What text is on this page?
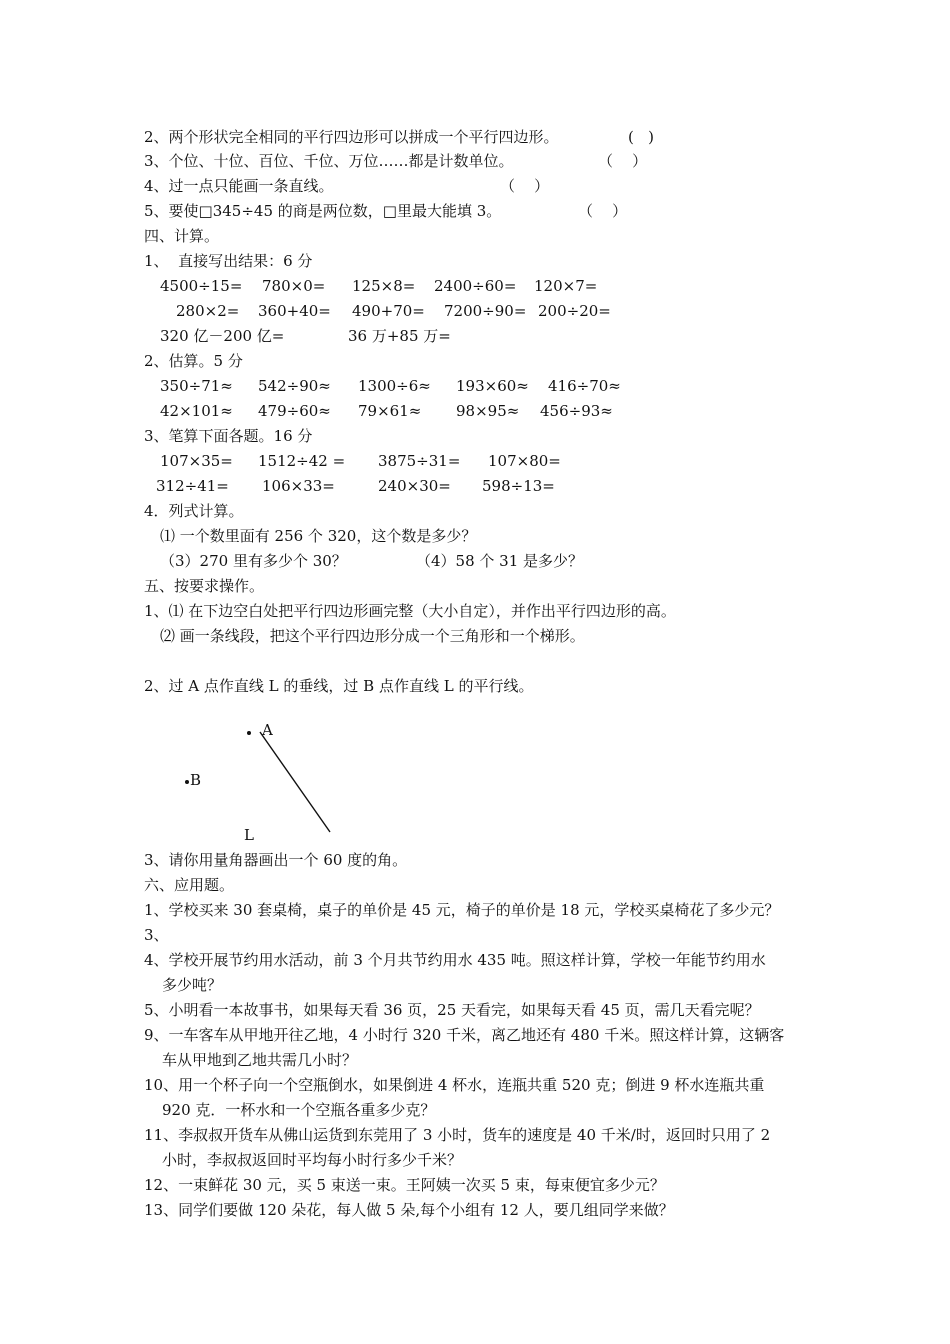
2、两个形状完全相同的平行四边形可以拼成一个平行四边形。	(   )
3、个位、十位、百位、千位、万位……都是计数单位。	（    ）
4、过一点只能画一条直线。	（    ）
5、要使□345÷45 的商是两位数，□里最大能填 3。	（    ）
四、计算。
1、  直接写出结果：6 分
4500÷15= 780×0= 125×8= 2400÷60= 120×7=
280×2= 360+40= 490+70= 7200÷90= 200÷20=
320 亿－200 亿=	36 万+85 万=
2、估算。5 分
350÷71≈ 542÷90≈ 1300÷6≈ 193×60≈ 416÷70≈
42×101≈ 479÷60≈ 79×61≈ 98×95≈ 456÷93≈
3、笔算下面各题。16 分
107×35= 1512÷42 = 3875÷31= 107×80=
312÷41= 106×33=	240×30= 598÷13=
4．列式计算。
⑴ 一个数里面有 256 个 320，这个数是多少？
（3）270 里有多少个 30？	（4）58 个 31 是多少？
五、按要求操作。
1、⑴ 在下边空白处把平行四边形画完整（大小自定），并作出平行四边形的高。
⑵ 画一条线段，把这个平行四边形分成一个三角形和一个梯形。
2、过 A 点作直线 L 的垂线，过 B 点作直线 L 的平行线。
A
B
L
3、请你用量角器画出一个 60 度的角。
六、应用题。
1、学校买来 30 套桌椅，桌子的单价是 45 元，椅子的单价是 18 元，学校买桌椅花了多少元？
3、
4、学校开展节约用水活动，前 3 个月共节约用水 435 吨。照这样计算，学校一年能节约用水
多少吨？
5、小明看一本故事书，如果每天看 36 页，25 天看完，如果每天看 45 页，需几天看完呢？
9、一车客车从甲地开往乙地，4 小时行 320 千米，离乙地还有 480 千米。照这样计算，这辆客
车从甲地到乙地共需几小时？
10、用一个杯子向一个空瓶倒水，如果倒进 4 杯水，连瓶共重 520 克；倒进 9 杯水连瓶共重
920 克．一杯水和一个空瓶各重多少克？
11、李叔叔开货车从佛山运货到东莞用了 3 小时，货车的速度是 40 千米/时，返回时只用了 2
小时，李叔叔返回时平均每小时行多少千米？
12、一束鲜花 30 元，买 5 束送一束。王阿姨一次买 5 束，每束便宜多少元？
13、同学们要做 120 朵花，每人做 5 朵,每个小组有 12 人，要几组同学来做？
